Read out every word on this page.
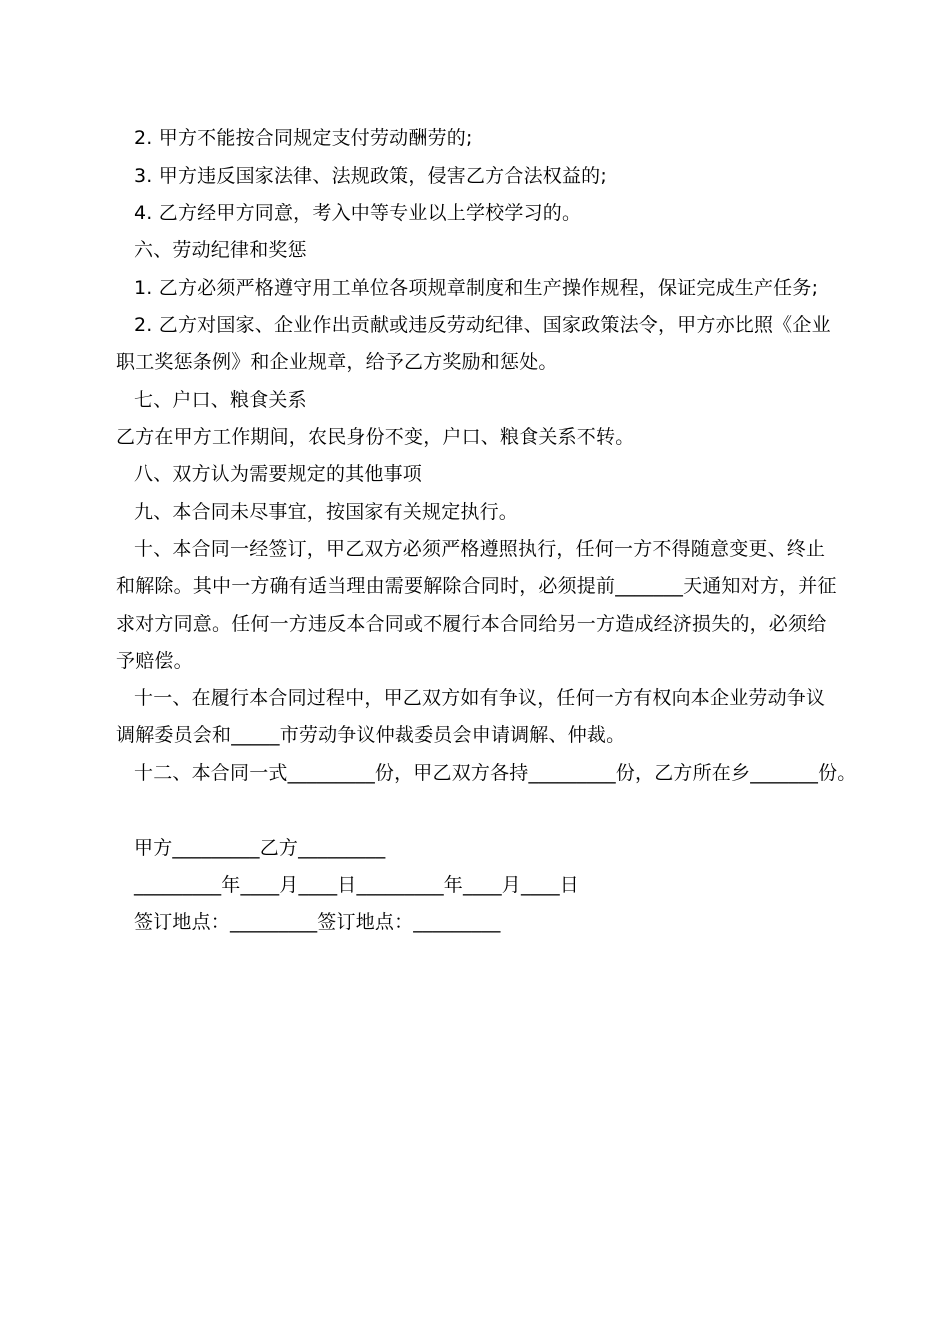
2. 甲方不能按合同规定支付劳动酬劳的;
3. 甲方违反国家法律、法规政策，侵害乙方合法权益的;
4. 乙方经甲方同意，考入中等专业以上学校学习的。
六、劳动纪律和奖惩
1. 乙方必须严格遵守用工单位各项规章制度和生产操作规程，保证完成生产任务;
2. 乙方对国家、企业作出贡献或违反劳动纪律、国家政策法令，甲方亦比照《企业
职工奖惩条例》和企业规章，给予乙方奖励和惩处。
七、户口、粮食关系
乙方在甲方工作期间，农民身份不变，户口、粮食关系不转。
八、双方认为需要规定的其他事项
九、本合同未尽事宜，按国家有关规定执行。
十、本合同一经签订，甲乙双方必须严格遵照执行，任何一方不得随意变更、终止
和解除。其中一方确有适当理由需要解除合同时，必须提前_______天通知对方，并征
求对方同意。任何一方违反本合同或不履行本合同给另一方造成经济损失的，必须给
予赔偿。
十一、在履行本合同过程中，甲乙双方如有争议，任何一方有权向本企业劳动争议
调解委员会和_____市劳动争议仲裁委员会申请调解、仲裁。
十二、本合同一式_________份，甲乙双方各持_________份，乙方所在乡_______份。
甲方_________乙方_________
_________年____月____日_________年____月____日
签订地点：_________签订地点：_________
